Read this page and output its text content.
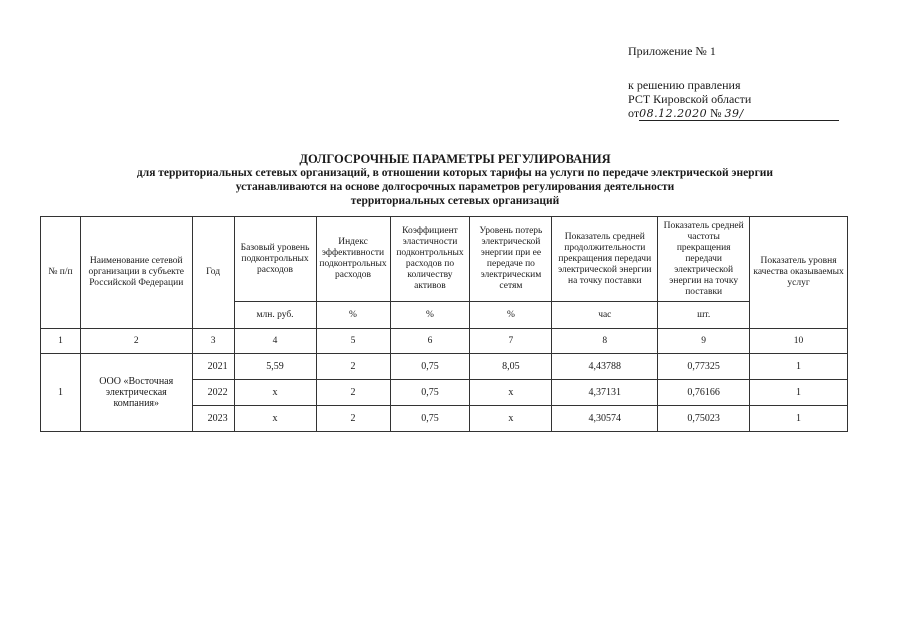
Приложение № 1
к решению правления
РСТ Кировской области
от08.12.2020 № 39/
ДОЛГОСРОЧНЫЕ ПАРАМЕТРЫ РЕГУЛИРОВАНИЯ
для территориальных сетевых организаций, в отношении которых тарифы на услуги по передаче электрической энергии
устанавливаются на основе долгосрочных параметров регулирования деятельности
территориальных сетевых организаций
№ п/п	Наименование сетевой организации в субъекте Российской Федерации	Год	Базовый уровень подконтрольных расходов	Индекс эффективности подконтрольных расходов	Коэффициент эластичности подконтрольных расходов по количеству активов	Уровень потерь электрической энергии при ее передаче по электрическим сетям	Показатель средней продолжительности прекращения передачи электрической энергии на точку поставки	Показатель средней частоты прекращения передачи электрической энергии на точку поставки	Показатель уровня качества оказываемых услуг
			млн. руб.	%	%	%	час	шт.	
1	2	3	4	5	6	7	8	9	10
1	ООО «Восточная электрическая компания»	2021	5,59	2	0,75	8,05	4,43788	0,77325	1
		2022	х	2	0,75	х	4,37131	0,76166	1
		2023	х	2	0,75	х	4,30574	0,75023	1
